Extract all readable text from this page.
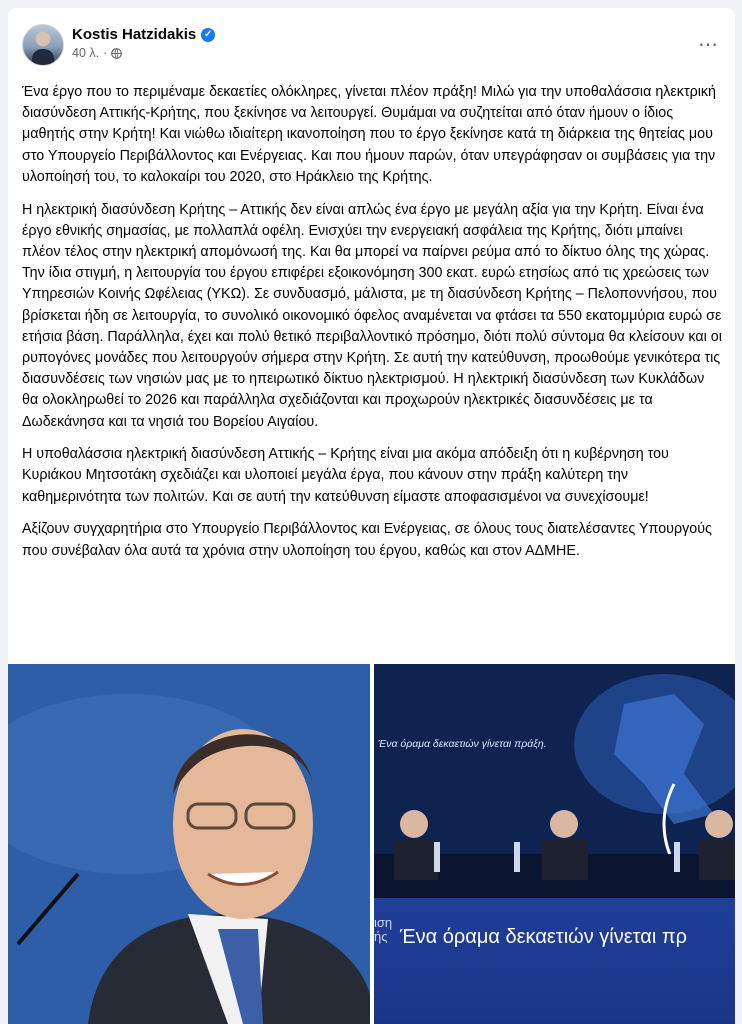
Kostis Hatzidakis ✓
40 λ. ·	⋯

Ένα έργο που το περιμέναμε δεκαετίες ολόκληρες, γίνεται πλέον πράξη! Μιλώ για την υποθαλάσσια ηλεκτρική διασύνδεση Αττικής-Κρήτης, που ξεκίνησε να λειτουργεί. Θυμάμαι να συζητείται από όταν ήμουν ο ίδιος μαθητής στην Κρήτη! Και νιώθω ιδιαίτερη ικανοποίηση που το έργο ξεκίνησε κατά τη διάρκεια της θητείας μου στο Υπουργείο Περιβάλλοντος και Ενέργειας. Και που ήμουν παρών, όταν υπεγράφησαν οι συμβάσεις για την υλοποίησή του, το καλοκαίρι του 2020, στο Ηράκλειο της Κρήτης.

Η ηλεκτρική διασύνδεση Κρήτης – Αττικής δεν είναι απλώς ένα έργο με μεγάλη αξία για την Κρήτη. Είναι ένα έργο εθνικής σημασίας, με πολλαπλά οφέλη. Ενισχύει την ενεργειακή ασφάλεια της Κρήτης, διότι μπαίνει πλέον τέλος στην ηλεκτρική απομόνωσή της. Και θα μπορεί να παίρνει ρεύμα από το δίκτυο όλης της χώρας. Την ίδια στιγμή, η λειτουργία του έργου επιφέρει εξοικονόμηση 300 εκατ. ευρώ ετησίως από τις χρεώσεις των Υπηρεσιών Κοινής Ωφέλειας (ΥΚΩ). Σε συνδυασμό, μάλιστα, με τη διασύνδεση Κρήτης – Πελοποννήσου, που βρίσκεται ήδη σε λειτουργία, το συνολικό οικονομικό όφελος αναμένεται να φτάσει τα 550 εκατομμύρια ευρώ σε ετήσια βάση. Παράλληλα, έχει και πολύ θετικό περιβαλλοντικό πρόσημο, διότι πολύ σύντομα θα κλείσουν και οι ρυπογόνες μονάδες που λειτουργούν σήμερα στην Κρήτη. Σε αυτή την κατεύθυνση, προωθούμε γενικότερα τις διασυνδέσεις των νησιών μας με το ηπειρωτικό δίκτυο ηλεκτρισμού. Η ηλεκτρική διασύνδεση των Κυκλάδων θα ολοκληρωθεί το 2026 και παράλληλα σχεδιάζονται και προχωρούν ηλεκτρικές διασυνδέσεις με τα Δωδεκάνησα και τα νησιά του Βορείου Αιγαίου.

Η υποθαλάσσια ηλεκτρική διασύνδεση Αττικής – Κρήτης είναι μια ακόμα απόδειξη ότι η κυβέρνηση του Κυριάκου Μητσοτάκη σχεδιάζει και υλοποιεί μεγάλα έργα, που κάνουν στην πράξη καλύτερη την καθημερινότητα των πολιτών. Και σε αυτή την κατεύθυνση είμαστε αποφασισμένοι να συνεχίσουμε!

Αξίζουν συγχαρητήρια στο Υπουργείο Περιβάλλοντος και Ενέργειας, σε όλους τους διατελέσαντες Υπουργούς που συνέβαλαν όλα αυτά τα χρόνια στην υλοποίηση του έργου, καθώς και στον ΑΔΜΗΕ.

Ένα όραμα δεκαετιών γίνεται πράξη.
ιση
ής Ένα όραμα δεκαετιών γίνεται πρ
